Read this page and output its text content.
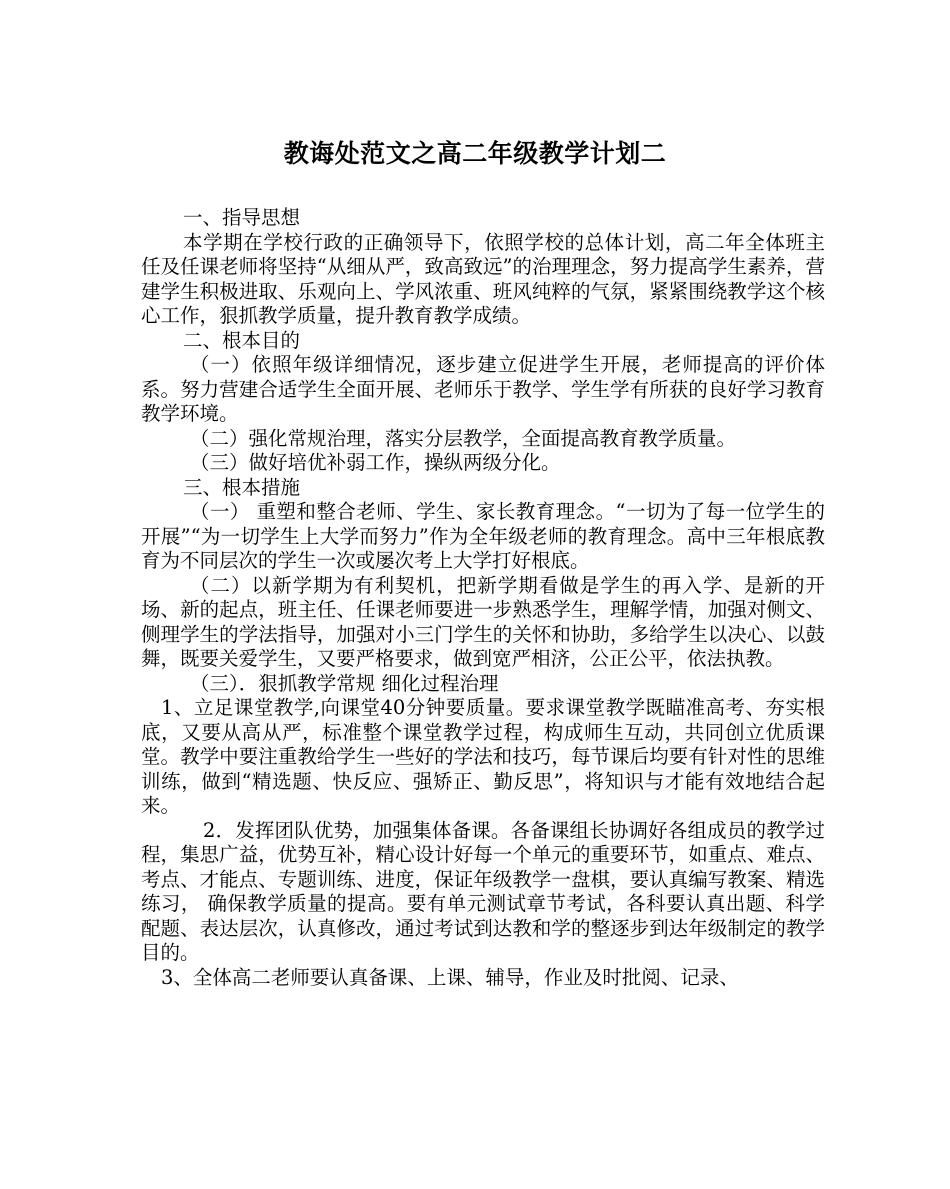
教诲处范文之高二年级教学计划二

一、指导思想

本学期在学校行政的正确领导下，依照学校的总体计划，高二年全体班主任及任课老师将坚持“从细从严，致高致远”的治理理念，努力提高学生素养，营建学生积极进取、乐观向上、学风浓重、班风纯粹的气氛，紧紧围绕教学这个核心工作，狠抓教学质量，提升教育教学成绩。

二、根本目的

（一）依照年级详细情况，逐步建立促进学生开展，老师提高的评价体系。努力营建合适学生全面开展、老师乐于教学、学生学有所获的良好学习教育教学环境。

（二）强化常规治理，落实分层教学，全面提高教育教学质量。

（三）做好培优补弱工作，操纵两级分化。

三、根本措施

（一） 重塑和整合老师、学生、家长教育理念。“一切为了每一位学生的开展”“为一切学生上大学而努力”作为全年级老师的教育理念。高中三年根底教育为不同层次的学生一次或屡次考上大学打好根底。

（二）以新学期为有利契机，把新学期看做是学生的再入学、是新的开场、新的起点，班主任、任课老师要进一步熟悉学生，理解学情，加强对侧文、侧理学生的学法指导，加强对小三门学生的关怀和协助，多给学生以决心、以鼓舞，既要关爱学生，又要严格要求，做到宽严相济，公正公平，依法执教。

（三）．狠抓教学常规 细化过程治理

1、立足课堂教学,向课堂40分钟要质量。要求课堂教学既瞄准高考、夯实根底，又要从高从严，标准整个课堂教学过程，构成师生互动，共同创立优质课堂。教学中要注重教给学生一些好的学法和技巧，每节课后均要有针对性的思维训练，做到“精选题、快反应、强矫正、勤反思”，将知识与才能有效地结合起来。

2．发挥团队优势，加强集体备课。各备课组长协调好各组成员的教学过程，集思广益，优势互补，精心设计好每一个单元的重要环节，如重点、难点、考点、才能点、专题训练、进度，保证年级教学一盘棋，要认真编写教案、精选练习， 确保教学质量的提高。要有单元测试章节考试，各科要认真出题、科学配题、表达层次，认真修改，通过考试到达教和学的整逐步到达年级制定的教学目的。

3、全体高二老师要认真备课、上课、辅导，作业及时批阅、记录、
